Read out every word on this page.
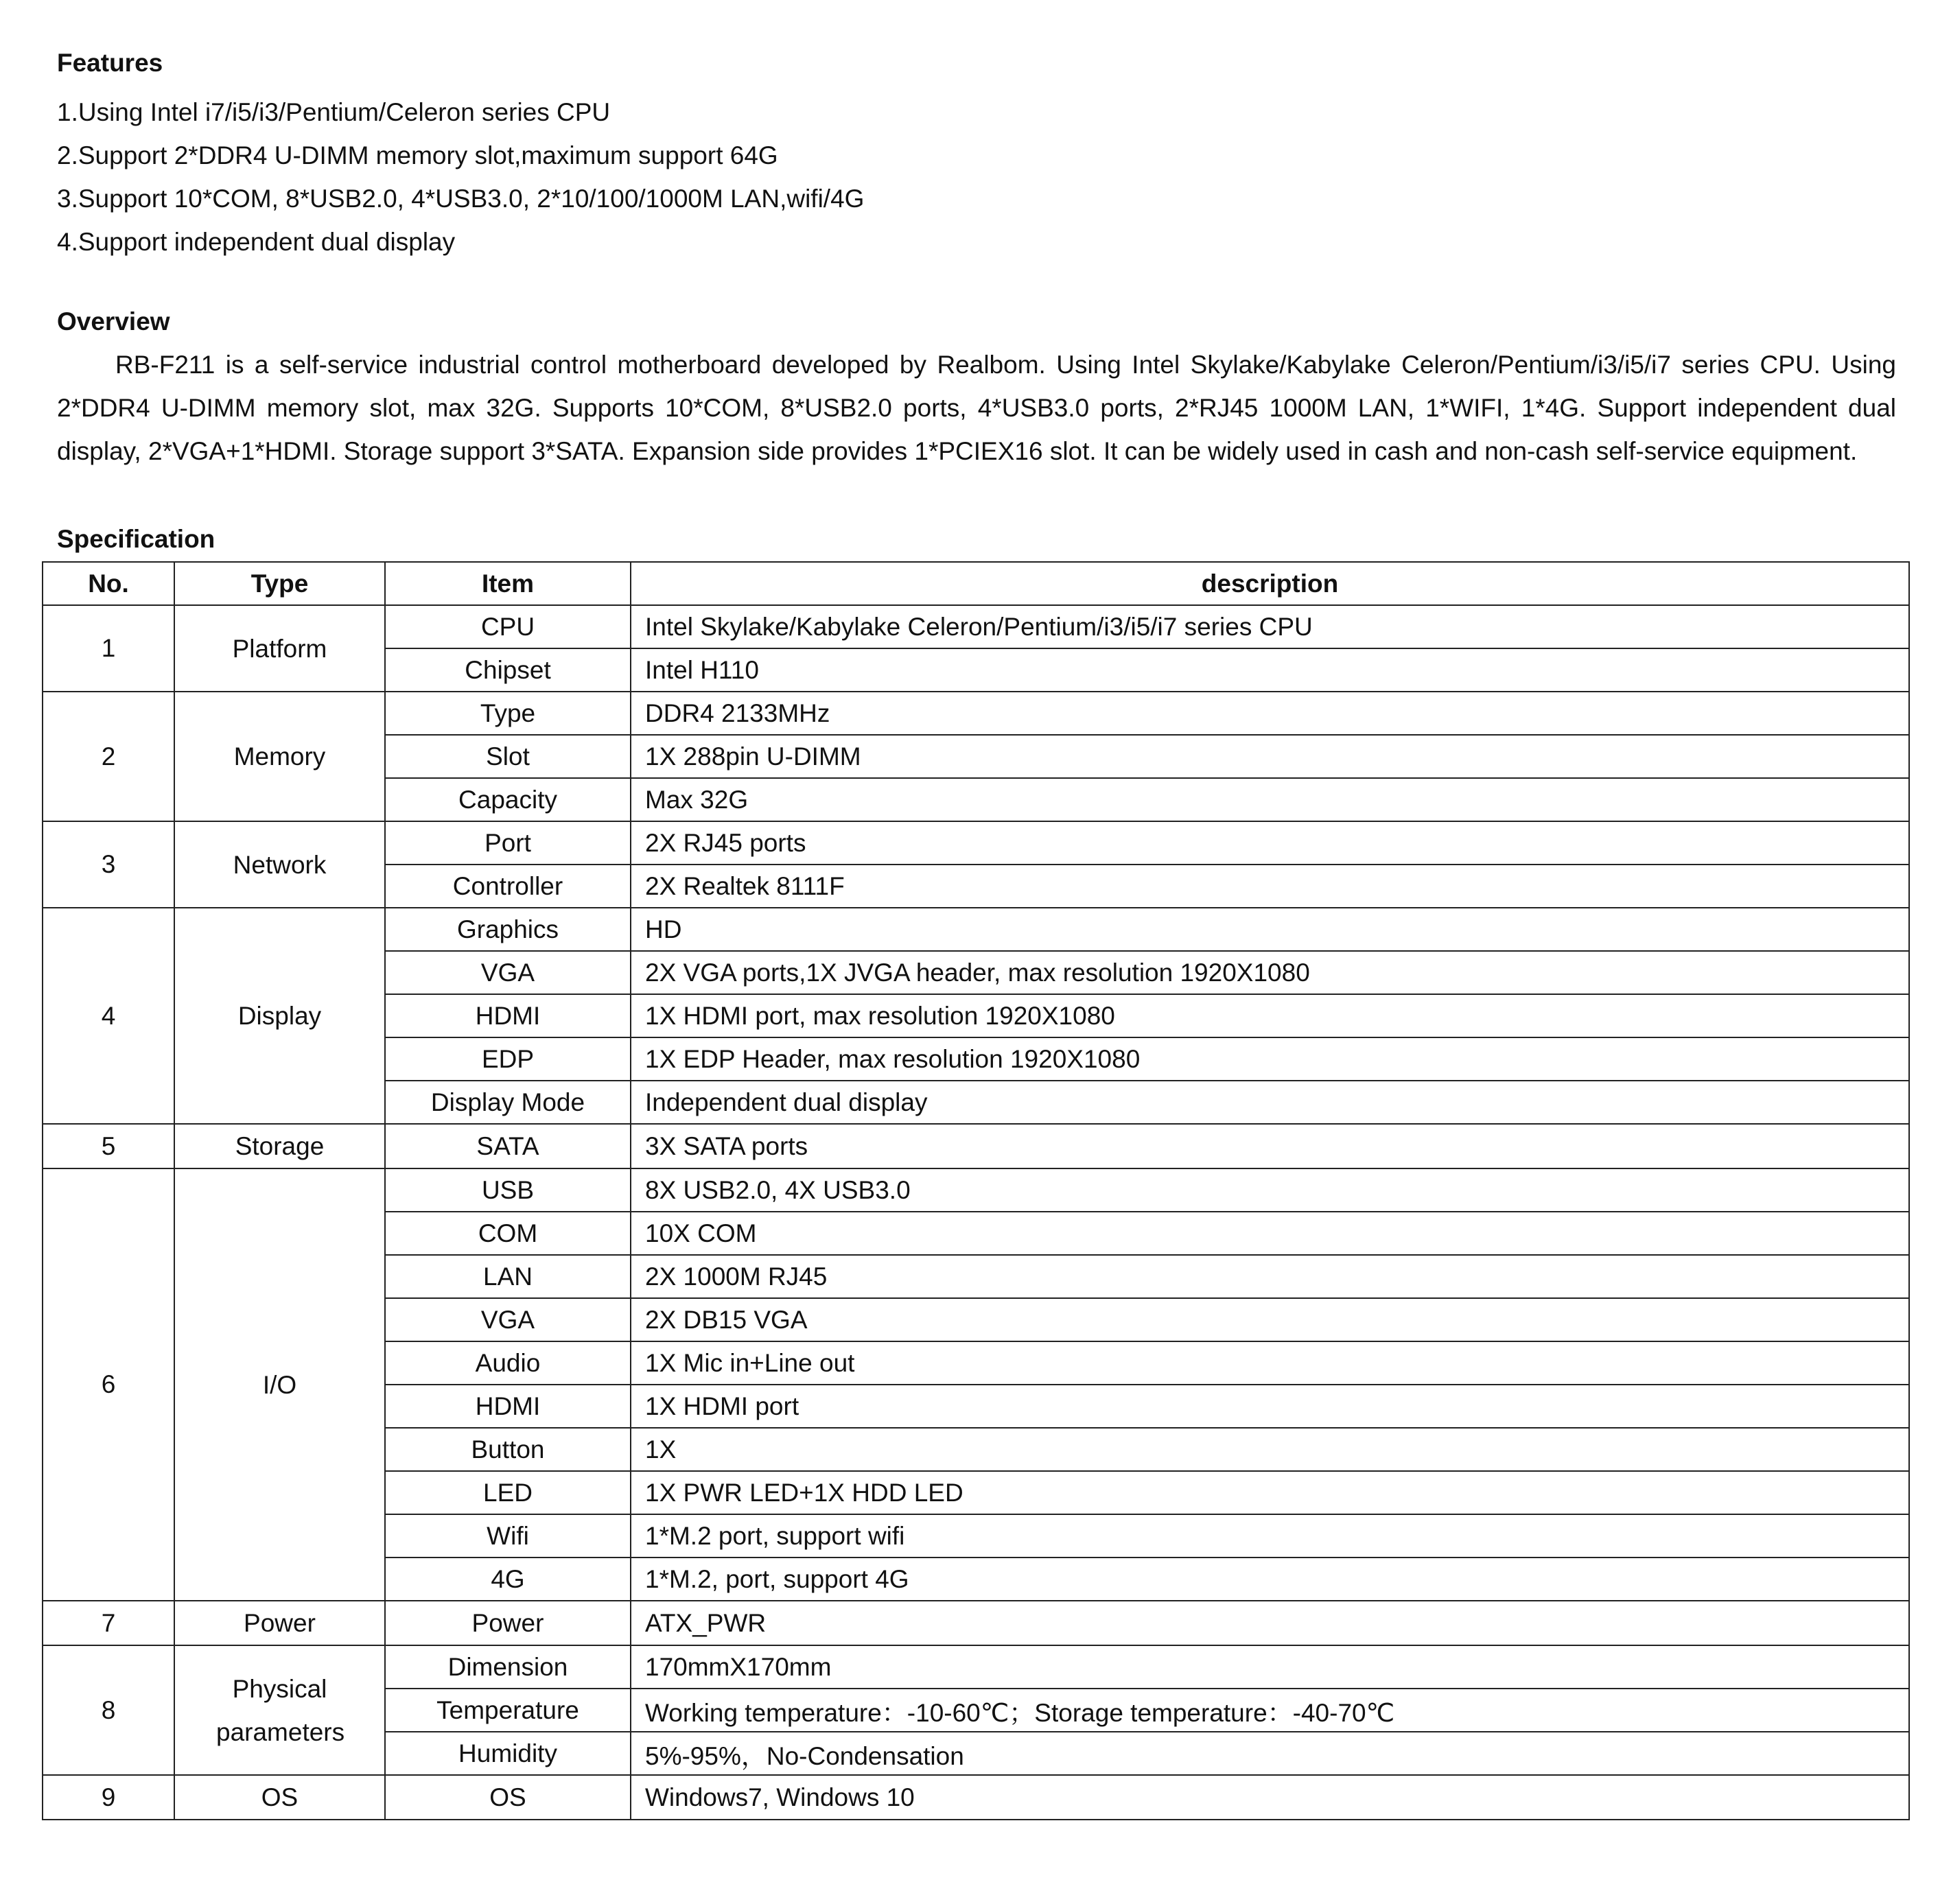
Features
1.Using Intel i7/i5/i3/Pentium/Celeron series CPU
2.Support 2*DDR4 U-DIMM memory slot,maximum support 64G
3.Support 10*COM, 8*USB2.0, 4*USB3.0, 2*10/100/1000M LAN,wifi/4G
4.Support independent dual display
Overview

RB-F211 is a self-service industrial control motherboard developed by Realbom. Using Intel Skylake/Kabylake Celeron/Pentium/i3/i5/i7 series CPU. Using 2*DDR4 U-DIMM memory slot, max 32G. Supports 10*COM, 8*USB2.0 ports, 4*USB3.0 ports, 2*RJ45 1000M LAN, 1*WIFI, 1*4G. Support independent dual display, 2*VGA+1*HDMI. Storage support 3*SATA. Expansion side provides 1*PCIEX16 slot. It can be widely used in cash and non-cash self-service equipment.

Specification
No.	Type	Item	description
1	Platform	CPU	Intel Skylake/Kabylake Celeron/Pentium/i3/i5/i7 series CPU
		Chipset	Intel H110
2	Memory	Type	DDR4 2133MHz
		Slot	1X 288pin U-DIMM
		Capacity	Max 32G
3	Network	Port	2X RJ45 ports
		Controller	2X Realtek 8111F
4	Display	Graphics	HD
		VGA	2X VGA ports,1X JVGA header, max resolution 1920X1080
		HDMI	1X HDMI port, max resolution 1920X1080
		EDP	1X EDP Header, max resolution 1920X1080
		Display Mode	Independent dual display
5	Storage	SATA	3X SATA ports
6	I/O	USB	8X USB2.0, 4X USB3.0
		COM	10X COM
		LAN	2X 1000M RJ45
		VGA	2X DB15 VGA
		Audio	1X Mic in+Line out
		HDMI	1X HDMI port
		Button	1X
		LED	1X PWR LED+1X HDD LED
		Wifi	1*M.2 port, support wifi
		4G	1*M.2, port, support 4G
7	Power	Power	ATX_PWR
8	Physical parameters	Dimension	170mmX170mm
		Temperature	Working temperature：-10-60℃；Storage temperature：-40-70℃
		Humidity	5%-95%，No-Condensation
9	OS	OS	Windows7, Windows 10
